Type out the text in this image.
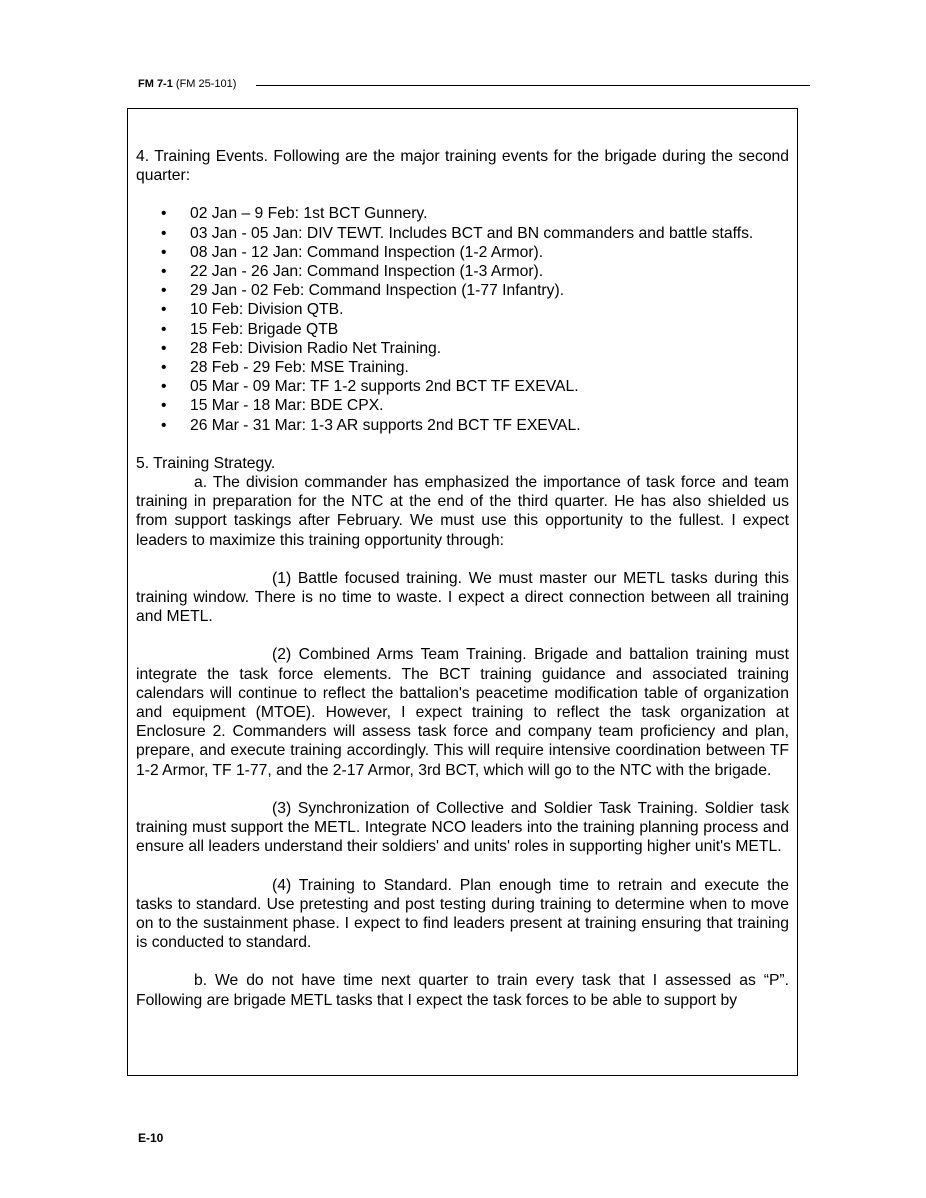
FM 7-1 (FM 25-101)

4. Training Events. Following are the major training events for the brigade during the second quarter:

• 02 Jan – 9 Feb: 1st BCT Gunnery.
• 03 Jan - 05 Jan: DIV TEWT. Includes BCT and BN commanders and battle staffs.
• 08 Jan - 12 Jan: Command Inspection (1-2 Armor).
• 22 Jan - 26 Jan: Command Inspection (1-3 Armor).
• 29 Jan - 02 Feb: Command Inspection (1-77 Infantry).
• 10 Feb: Division QTB.
• 15 Feb: Brigade QTB
• 28 Feb: Division Radio Net Training.
• 28 Feb - 29 Feb: MSE Training.
• 05 Mar - 09 Mar: TF 1-2 supports 2nd BCT TF EXEVAL.
• 15 Mar - 18 Mar: BDE CPX.
• 26 Mar - 31 Mar: 1-3 AR supports 2nd BCT TF EXEVAL.

5. Training Strategy.

a. The division commander has emphasized the importance of task force and team training in preparation for the NTC at the end of the third quarter. He has also shielded us from support taskings after February. We must use this opportunity to the fullest. I expect leaders to maximize this training opportunity through:

(1) Battle focused training. We must master our METL tasks during this training window. There is no time to waste. I expect a direct connection between all training and METL.

(2) Combined Arms Team Training. Brigade and battalion training must integrate the task force elements. The BCT training guidance and associated training calendars will continue to reflect the battalion's peacetime modification table of organization and equipment (MTOE). However, I expect training to reflect the task organization at Enclosure 2. Commanders will assess task force and company team proficiency and plan, prepare, and execute training accordingly. This will require intensive coordination between TF 1-2 Armor, TF 1-77, and the 2-17 Armor, 3rd BCT, which will go to the NTC with the brigade.

(3) Synchronization of Collective and Soldier Task Training. Soldier task training must support the METL. Integrate NCO leaders into the training planning process and ensure all leaders understand their soldiers' and units' roles in supporting higher unit's METL.

(4) Training to Standard. Plan enough time to retrain and execute the tasks to standard. Use pretesting and post testing during training to determine when to move on to the sustainment phase. I expect to find leaders present at training ensuring that training is conducted to standard.

b. We do not have time next quarter to train every task that I assessed as “P”. Following are brigade METL tasks that I expect the task forces to be able to support by

E-10
